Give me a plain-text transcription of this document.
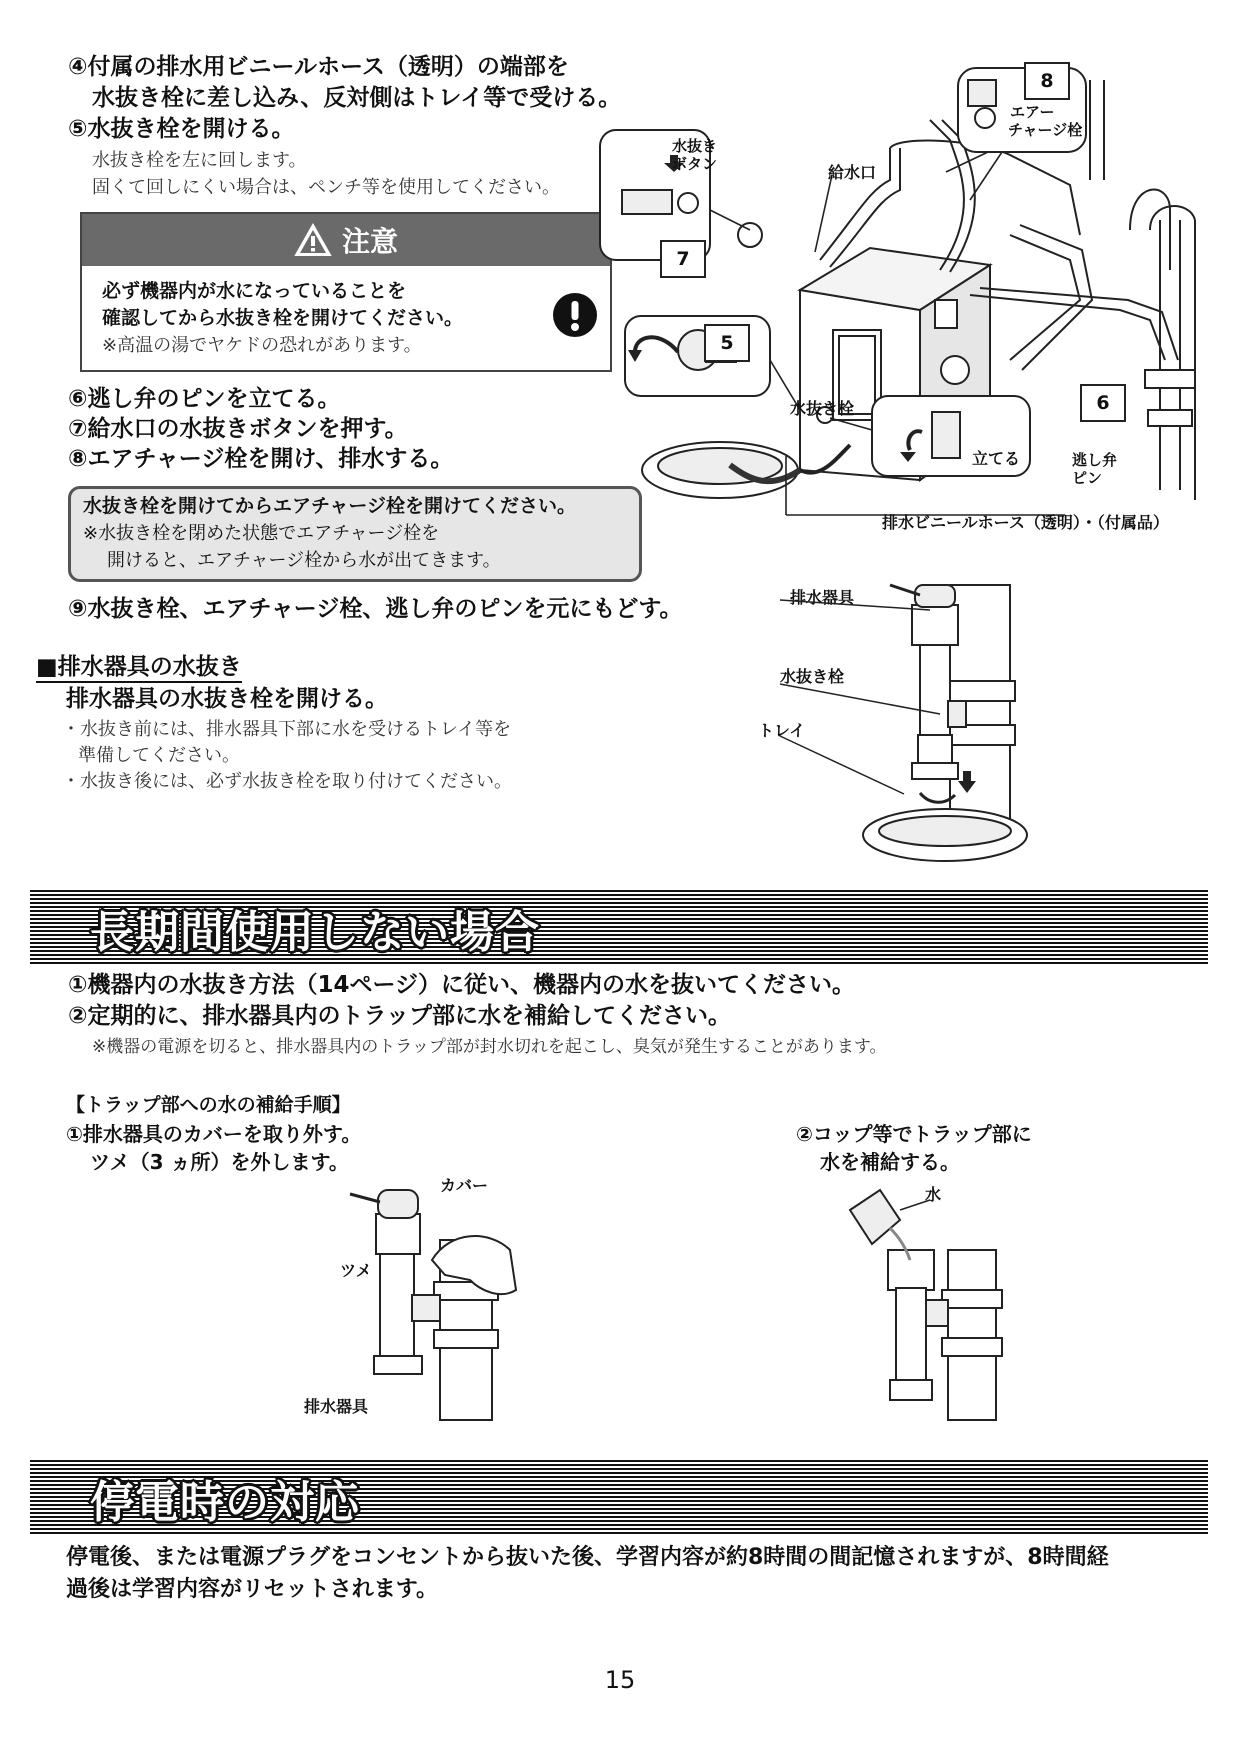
④付属の排水用ビニールホース（透明）の端部を
水抜き栓に差し込み、反対側はトレイ等で受ける。
⑤水抜き栓を開ける。
水抜き栓を左に回します。
固くて回しにくい場合は、ペンチ等を使用してください。
注意
必ず機器内が水になっていることを
確認してから水抜き栓を開けてください。
※高温の湯でヤケドの恐れがあります。
⑥逃し弁のピンを立てる。
⑦給水口の水抜きボタンを押す。
⑧エアチャージ栓を開け、排水する。
水抜き栓を開けてからエアチャージ栓を開けてください。
※水抜き栓を閉めた状態でエアチャージ栓を
開けると、エアチャージ栓から水が出てきます。
⑨水抜き栓、エアチャージ栓、逃し弁のピンを元にもどす。
■排水器具の水抜き
排水器具の水抜き栓を開ける。
・水抜き前には、排水器具下部に水を受けるトレイ等を
準備してください。
・水抜き後には、必ず水抜き栓を取り付けてください。
8
エアー
チャージ栓
水抜き
ボタン
7
給水口
5
水抜き栓	6
立てる	逃し弁
ピン
排水ビニールホース（透明）・（付属品）
排水器具
水抜き栓
トレイ
長期間使用しない場合
①機器内の水抜き方法（14ページ）に従い、機器内の水を抜いてください。
②定期的に、排水器具内のトラップ部に水を補給してください。
※機器の電源を切ると、排水器具内のトラップ部が封水切れを起こし、臭気が発生することがあります。
【トラップ部への水の補給手順】
①排水器具のカバーを取り外す。
ツメ（3 ヵ所）を外します。
②コップ等でトラップ部に
水を補給する。
カバー
ツメ
排水器具
水
停電時の対応
停電後、または電源プラグをコンセントから抜いた後、学習内容が約8時間の間記憶されますが、8時間経
過後は学習内容がリセットされます。
15
